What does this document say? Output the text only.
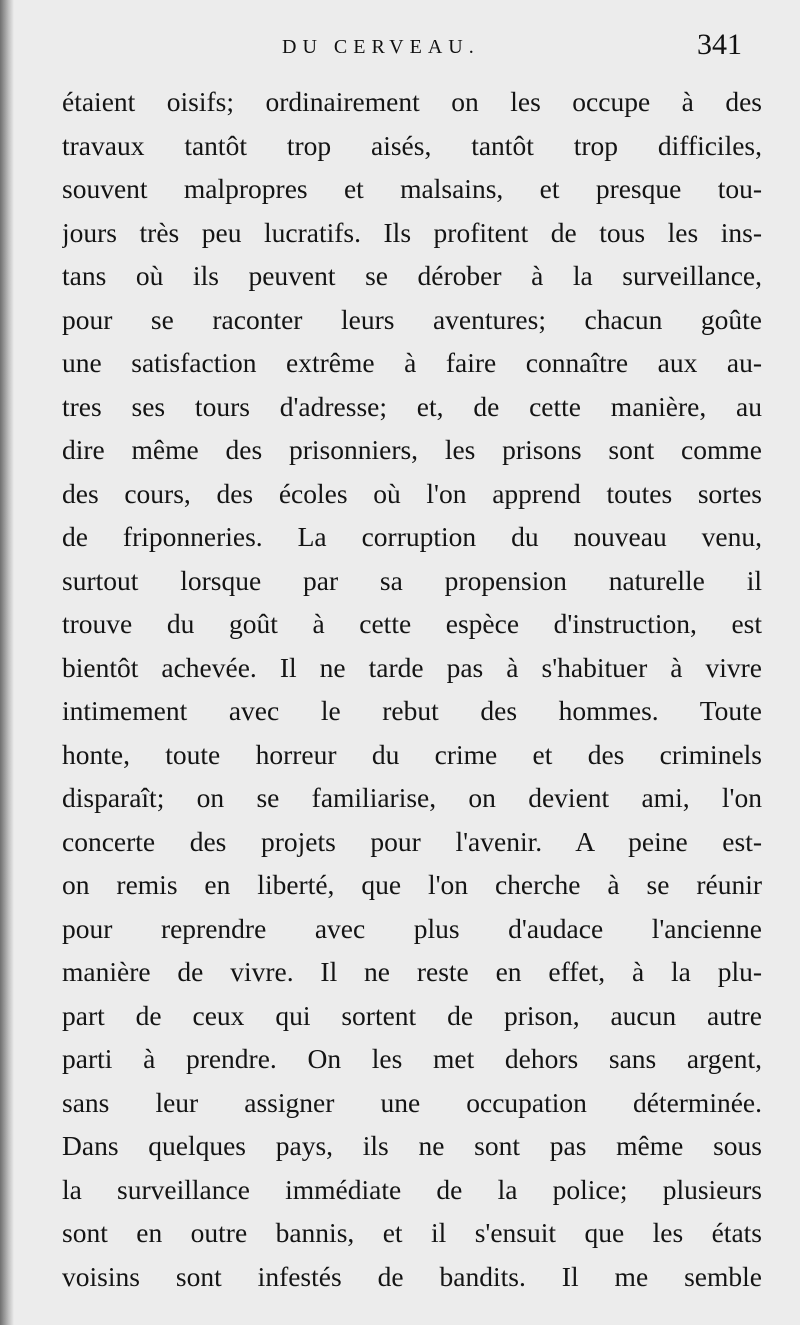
DU CERVEAU.	341
étaient oisifs; ordinairement on les occupe à des
travaux tantôt trop aisés, tantôt trop difficiles,
souvent malpropres et malsains, et presque tou-
jours très peu lucratifs. Ils profitent de tous les ins-
tans où ils peuvent se dérober à la surveillance,
pour se raconter leurs aventures; chacun goûte
une satisfaction extrême à faire connaître aux au-
tres ses tours d'adresse; et, de cette manière, au
dire même des prisonniers, les prisons sont comme
des cours, des écoles où l'on apprend toutes sortes
de friponneries. La corruption du nouveau venu,
surtout lorsque par sa propension naturelle il
trouve du goût à cette espèce d'instruction, est
bientôt achevée. Il ne tarde pas à s'habituer à vivre
intimement avec le rebut des hommes. Toute
honte, toute horreur du crime et des criminels
disparaît; on se familiarise, on devient ami, l'on
concerte des projets pour l'avenir. A peine est-
on remis en liberté, que l'on cherche à se réunir
pour reprendre avec plus d'audace l'ancienne
manière de vivre. Il ne reste en effet, à la plu-
part de ceux qui sortent de prison, aucun autre
parti à prendre. On les met dehors sans argent,
sans leur assigner une occupation déterminée.
Dans quelques pays, ils ne sont pas même sous
la surveillance immédiate de la police; plusieurs
sont en outre bannis, et il s'ensuit que les états
voisins sont infestés de bandits. Il me semble
